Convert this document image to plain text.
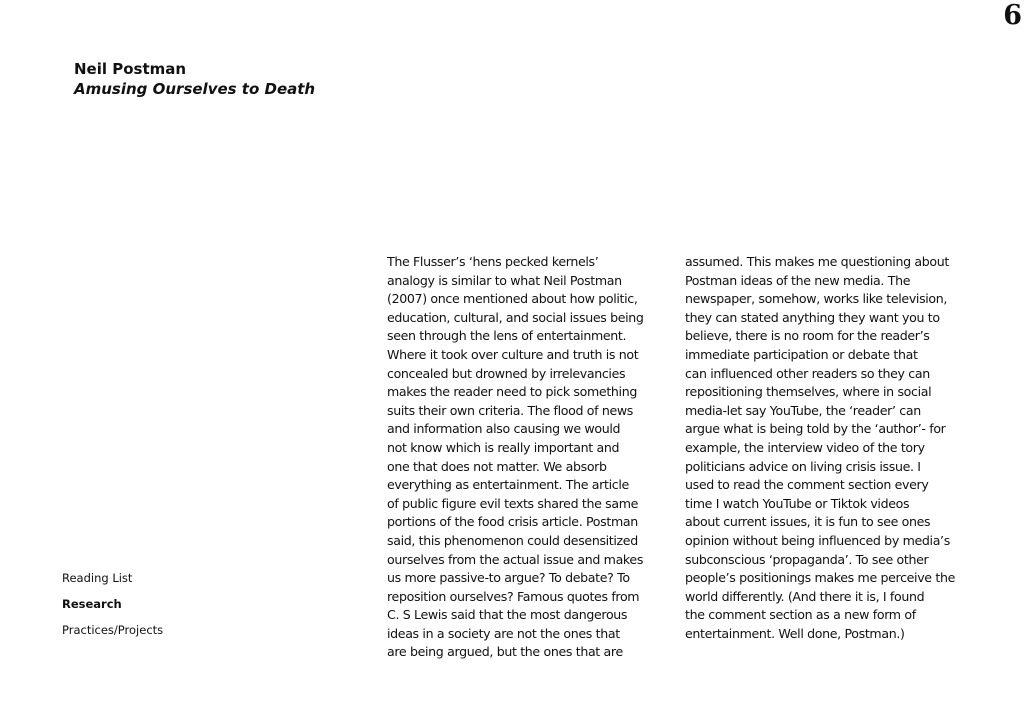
6
Neil Postman
Amusing Ourselves to Death
Reading List
Research
Practices/Projects
The Flusser’s ‘hens pecked kernels’
analogy is similar to what Neil Postman
(2007) once mentioned about how politic,
education, cultural, and social issues being
seen through the lens of entertainment.
Where it took over culture and truth is not
concealed but drowned by irrelevancies
makes the reader need to pick something
suits their own criteria. The flood of news
and information also causing we would
not know which is really important and
one that does not matter. We absorb
everything as entertainment. The article
of public figure evil texts shared the same
portions of the food crisis article. Postman
said, this phenomenon could desensitized
ourselves from the actual issue and makes
us more passive-to argue? To debate? To
reposition ourselves? Famous quotes from
C. S Lewis said that the most dangerous
ideas in a society are not the ones that
are being argued, but the ones that are
assumed. This makes me questioning about
Postman ideas of the new media. The
newspaper, somehow, works like television,
they can stated anything they want you to
believe, there is no room for the reader’s
immediate participation or debate that
can influenced other readers so they can
repositioning themselves, where in social
media-let say YouTube, the ‘reader’ can
argue what is being told by the ‘author’- for
example, the interview video of the tory
politicians advice on living crisis issue. I
used to read the comment section every
time I watch YouTube or Tiktok videos
about current issues, it is fun to see ones
opinion without being influenced by media’s
subconscious ‘propaganda’. To see other
people’s positionings makes me perceive the
world differently. (And there it is, I found
the comment section as a new form of
entertainment. Well done, Postman.)
